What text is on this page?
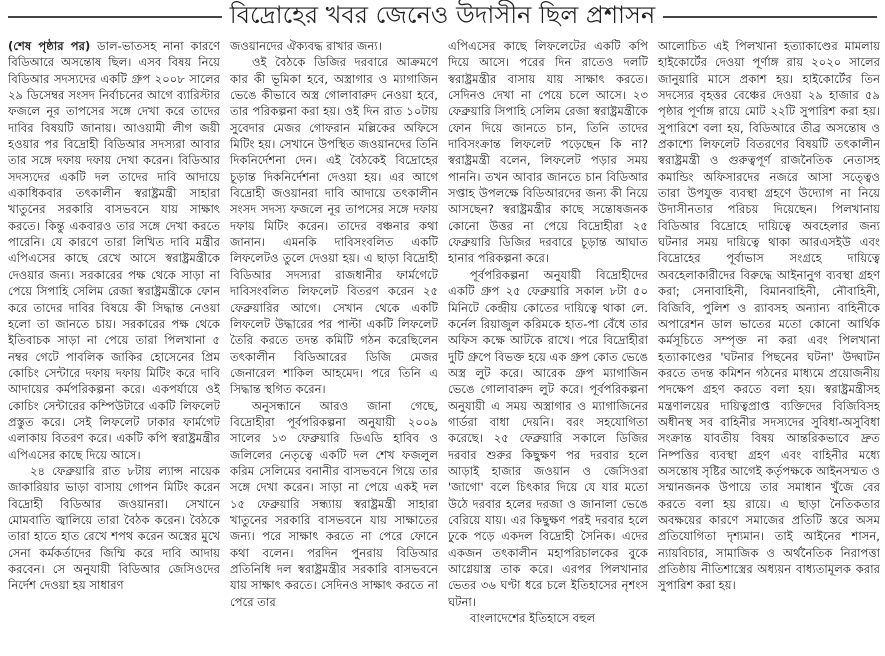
বিদ্রোহের খবর জেনেও উদাসীন ছিল প্রশাসন

(শেষ পৃষ্ঠার পর) ডাল-ভাতসহ নানা কারণে বিডিআরে অসন্তোষ ছিল। এসব বিষয় নিয়ে বিডিআর সদস্যদের একটি গ্রুপ ২০০৮ সালের ২৯ ডিসেম্বর সংসদ নির্বাচনের আগে ব্যারিস্টার ফজলে নূর তাপসের সঙ্গে দেখা করে তাদের দাবির বিষয়টি জানায়। আওয়ামী লীগ জয়ী হওয়ার পর বিদ্রোহী বিডিআর সদস্যরা আবার তার সঙ্গে দফায় দফায় দেখা করেন। বিডিআর সদস্যদের একটি দল তাদের দাবি আদায়ে একাধিকবার তৎকালীন স্বরাষ্ট্রমন্ত্রী সাহারা খাতুনের সরকারি বাসভবনে যায় সাক্ষাৎ করতে। কিন্তু একবারও তার সঙ্গে দেখা করতে পারেনি। যে কারণে তারা লিখিত দাবি মন্ত্রীর এপিএসের কাছে রেখে আসে স্বরাষ্ট্রমন্ত্রীকে দেওয়ার জন্য। সরকারের পক্ষ থেকে সাড়া না পেয়ে সিপাহি সেলিম রেজা স্বরাষ্ট্রমন্ত্রীকে ফোন করে তাদের দাবির বিষয়ে কী সিদ্ধান্ত নেওয়া হলো তা জানতে চায়। সরকারের পক্ষ থেকে ইতিবাচক সাড়া না পেয়ে তারা পিলখানা ৫ নম্বর গেটে পাবলিক জাকির হোসেনের প্রিম কোচিং সেন্টারে দফায় দফায় মিটিং করে দাবি আদায়ের কর্মপরিকল্পনা করে। একপর্যায়ে ওই কোচিং সেন্টারের কম্পিউটারে একটি লিফলেট প্রস্তুত করে। সেই লিফলেট ঢাকার ফার্মগেট এলাকায় বিতরণ করে। একটি কপি স্বরাষ্ট্রমন্ত্রীর এপিএসের কাছে দিয়ে আসে।

২৪ ফেব্রুয়ারি রাত ৮টায় ল্যান্স নায়েক জাকারিয়ার ভাড়া বাসায় গোপন মিটিং করেন বিদ্রোহী বিডিআর জওয়ানরা। সেখানে মোমবাতি জ্বালিয়ে তারা বৈঠক করেন। বৈঠকে তারা হাতে হাত রেখে শপথ করেন অস্ত্রের মুখে সেনা কর্মকর্তাদের জিম্মি করে দাবি আদায় করবেন। সে অনুযায়ী বিডিআর জেসিওদের নির্দেশ দেওয়া হয় সাধারণ

জওয়ানদের ঐক্যবদ্ধ রাখার জন্য।

ওই বৈঠকে ডিজির দরবারে আক্রমণে কার কী ভূমিকা হবে, অস্ত্রাগার ও ম্যাগাজিন ভেঙে কীভাবে অস্ত্র গোলাবারুদ নেওয়া হবে, তার পরিকল্পনা করা হয়। ওই দিন রাত ১০টায় সুবেদার মেজর গোফরান মল্লিকের অফিসে মিটিং হয়। সেখানে উপস্থিত জওয়ানদের তিনি দিকনির্দেশনা দেন। এই বৈঠকেই বিদ্রোহের চূড়ান্ত দিকনির্দেশনা দেওয়া হয়। এর আগে বিদ্রোহী জওয়ানরা দাবি আদায়ে তৎকালীন সংসদ সদস্য ফজলে নূর তাপসের সঙ্গে দফায় দফায় মিটিং করেন। তাদের বঞ্চনার কথা জানান। এমনকি দাবিসংবলিত একটি লিফলেটও তুলে দেওয়া হয়। এ ছাড়া বিদ্রোহী বিডিআর সদস্যরা রাজধানীর ফার্মগেটে দাবিসংবলিত লিফলেট বিতরণ করেন ২৫ ফেব্রুয়ারির আগে। সেখান থেকে একটি লিফলেট উদ্ধারের পর পাল্টা একটি লিফলেট তৈরি করতে তদন্ত কমিটি গঠন করেছিলেন তৎকালীন বিডিআরের ডিজি মেজর জেনারেল শাকিল আহমেদ। পরে তিনি এ সিদ্ধান্ত স্থগিত করেন।

অনুসন্ধানে আরও জানা গেছে, বিদ্রোহীরা পূর্বপরিকল্পনা অনুযায়ী ২০০৯ সালের ১৩ ফেব্রুয়ারি ডিএডি হাবিব ও জলিলের নেতৃত্বে একটি দল শেখ ফজলুল করিম সেলিমের বনানীর বাসভবনে গিয়ে তার সঙ্গে দেখা করেন। সাড়া না পেয়ে একই দল ১৫ ফেব্রুয়ারি সন্ধ্যায় স্বরাষ্ট্রমন্ত্রী সাহারা খাতুনের সরকারি বাসভবনে যায় সাক্ষাতের জন্য। পরে সাক্ষাৎ করতে না পেরে ফোনে কথা বলেন। পরদিন পুনরায় বিডিআর প্রতিনিধি দল স্বরাষ্ট্রমন্ত্রীর সরকারি বাসভবনে যায় সাক্ষাৎ করতে। সেদিনও সাক্ষাৎ করতে না পেরে তার

এপিএসের কাছে লিফলেটের একটি কপি দিয়ে আসে। পরের দিন রাতেও দলটি স্বরাষ্ট্রমন্ত্রীর বাসায় যায় সাক্ষাৎ করতে। সেদিনও দেখা না পেয়ে চলে আসে। ২৩ ফেব্রুয়ারি সিপাহি সেলিম রেজা স্বরাষ্ট্রমন্ত্রীকে ফোন দিয়ে জানতে চান, তিনি তাদের দাবিসংক্রান্ত লিফলেট পড়েছেন কি না? স্বরাষ্ট্রমন্ত্রী বলেন, লিফলেট পড়ার সময় পাননি। তখন আবার জানতে চান বিডিআর সপ্তাহ উপলক্ষে বিডিআরদের জন্য কী নিয়ে আসছেন? স্বরাষ্ট্রমন্ত্রীর কাছে সন্তোষজনক কোনো উত্তর না পেয়ে বিদ্রোহীরা ২৫ ফেব্রুয়ারি ডিজির দরবারে চূড়ান্ত আঘাত হানার পরিকল্পনা করে।

পূর্বপরিকল্পনা অনুযায়ী বিদ্রোহীদের একটি গ্রুপ ২৫ ফেব্রুয়ারি সকাল ৮টা ৫০ মিনিটে কেন্দ্রীয় কোতের দায়িত্বে থাকা লে. কর্নেল রিয়াজুল করিমকে হাত-পা বেঁধে তার অফিস কক্ষে আটকে রাখে। পরে বিদ্রোহীরা দুটি গ্রুপে বিভক্ত হয়ে এক গ্রুপ কোত ভেঙে অস্ত্র লুট করে। আরেক গ্রুপ ম্যাগাজিন ভেঙে গোলাবারুদ লুট করে। পূর্বপরিকল্পনা অনুযায়ী এ সময় অস্ত্রাগার ও ম্যাগাজিনের গার্ডরা বাধা দেয়নি। বরং সহযোগিতা করেছে। ২৫ ফেব্রুয়ারি সকালে ডিজির দরবার শুরুর কিছুক্ষণ পর দরবার হলে আড়াই হাজার জওয়ান ও জেসিওরা 'জাগো' বলে চিৎকার দিয়ে যে যার মতো উঠে দরবার হলের দরজা ও জানালা ভেঙে বেরিয়ে যায়। এর কিছুক্ষণ পরই দরবার হলে ঢুকে পড়ে একদল বিদ্রোহী সৈনিক। এদের একজন তৎকালীন মহাপরিচালকের বুকে আগ্নেয়াস্ত্র তাক করে। এরপর পিলখানার ভেতর ৩৬ ঘণ্টা ধরে চলে ইতিহাসের নৃশংস ঘটনা।

বাংলাদেশের ইতিহাসে বহুল

আলোচিত এই পিলখানা হত্যাকাণ্ডের মামলায় হাইকোর্টের দেওয়া পূর্ণাঙ্গ রায় ২০২০ সালের জানুয়ারি মাসে প্রকাশ হয়। হাইকোর্টের তিন সদস্যের বৃহত্তর বেঞ্চের দেওয়া ২৯ হাজার ৫৯ পৃষ্ঠার পূর্ণাঙ্গ রায়ে মোট ২২টি সুপারিশ করা হয়। সুপারিশে বলা হয়, বিডিআরে তীব্র অসন্তোষ ও প্রকাশ্যে লিফলেট বিতরণের বিষয়টি তৎকালীন স্বরাষ্ট্রমন্ত্রী ও গুরুত্বপূর্ণ রাজনৈতিক নেতাসহ কমান্ডিং অফিসারদের নজরে আসা সত্ত্বেও তারা উপযুক্ত ব্যবস্থা গ্রহণে উদ্যোগ না নিয়ে উদাসীনতার পরিচয় দিয়েছেন। পিলখানায় বিডিআর বিদ্রোহে দায়িত্বে অবহেলার জন্য ঘটনার সময় দায়িত্বে থাকা আরএসইউ এবং বিদ্রোহের পূর্বাভাস সংগ্রহে দায়িত্বে অবহেলাকারীদের বিরুদ্ধে আইনানুগ ব্যবস্থা গ্রহণ করা; সেনাবাহিনী, বিমানবাহিনী, নৌবাহিনী, বিজিবি, পুলিশ ও র‍্যাবসহ অন্যান্য বাহিনীকে অপারেশন ডাল ভাতের মতো কোনো আর্থিক কর্মসূচিতে সম্পৃক্ত না করা এবং পিলখানা হত্যাকাণ্ডের 'ঘটনার পিছনের ঘটনা' উদ্ঘাটন করতে তদন্ত কমিশন গঠনের মাধ্যমে প্রয়োজনীয় পদক্ষেপ গ্রহণ করতে বলা হয়। স্বরাষ্ট্রমন্ত্রীসহ মন্ত্রণালয়ের দায়িত্বপ্রাপ্ত ব্যক্তিদের বিজিবিসহ অধীনস্থ সব বাহিনীর সদস্যদের সুবিধা-অসুবিধা সংক্রান্ত যাবতীয় বিষয় আন্তরিকভাবে দ্রুত নিষ্পত্তির ব্যবস্থা গ্রহণ এবং বাহিনীর মধ্যে অসন্তোষ সৃষ্টির আগেই কর্তৃপক্ষকে আইনসম্মত ও সম্মানজনক উপায়ে তার সমাধান খুঁজে বের করতে বলা হয় রায়ে। এ ছাড়া নৈতিকতার অবক্ষয়ের কারণে সমাজের প্রতিটি স্তরে অসম প্রতিযোগিতা দৃশ্যমান। তাই আইনের শাসন, ন্যায়বিচার, সামাজিক ও অর্থনৈতিক নিরাপত্তা প্রতিষ্ঠায় নীতিশাস্ত্রের অধ্যয়ন বাধ্যতামূলক করার সুপারিশ করা হয়।
